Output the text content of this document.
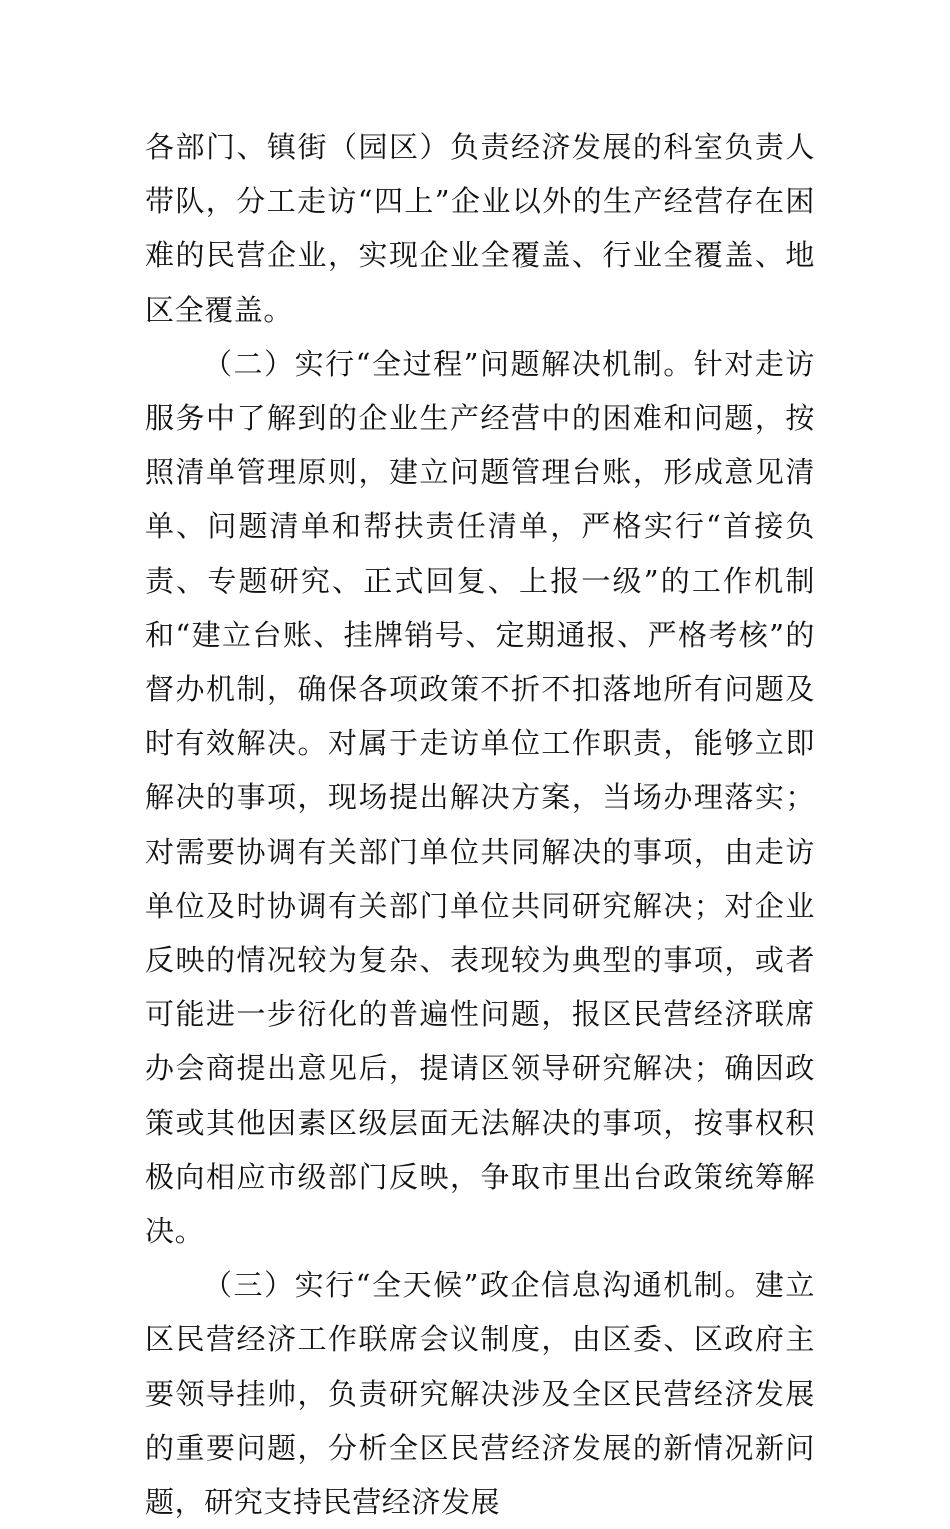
各部门、镇街（园区）负责经济发展的科室负责人带队，分工走访“四上”企业以外的生产经营存在困难的民营企业，实现企业全覆盖、行业全覆盖、地区全覆盖。

（二）实行“全过程”问题解决机制。针对走访服务中了解到的企业生产经营中的困难和问题，按照清单管理原则，建立问题管理台账，形成意见清单、问题清单和帮扶责任清单，严格实行“首接负责、专题研究、正式回复、上报一级”的工作机制和“建立台账、挂牌销号、定期通报、严格考核”的督办机制，确保各项政策不折不扣落地所有问题及时有效解决。对属于走访单位工作职责，能够立即解决的事项，现场提出解决方案，当场办理落实；对需要协调有关部门单位共同解决的事项，由走访单位及时协调有关部门单位共同研究解决；对企业反映的情况较为复杂、表现较为典型的事项，或者可能进一步衍化的普遍性问题，报区民营经济联席办会商提出意见后，提请区领导研究解决；确因政策或其他因素区级层面无法解决的事项，按事权积极向相应市级部门反映，争取市里出台政策统筹解决。

（三）实行“全天候”政企信息沟通机制。建立区民营经济工作联席会议制度，由区委、区政府主要领导挂帅，负责研究解决涉及全区民营经济发展的重要问题，分析全区民营经济发展的新情况新问题，研究支持民营经济发展
